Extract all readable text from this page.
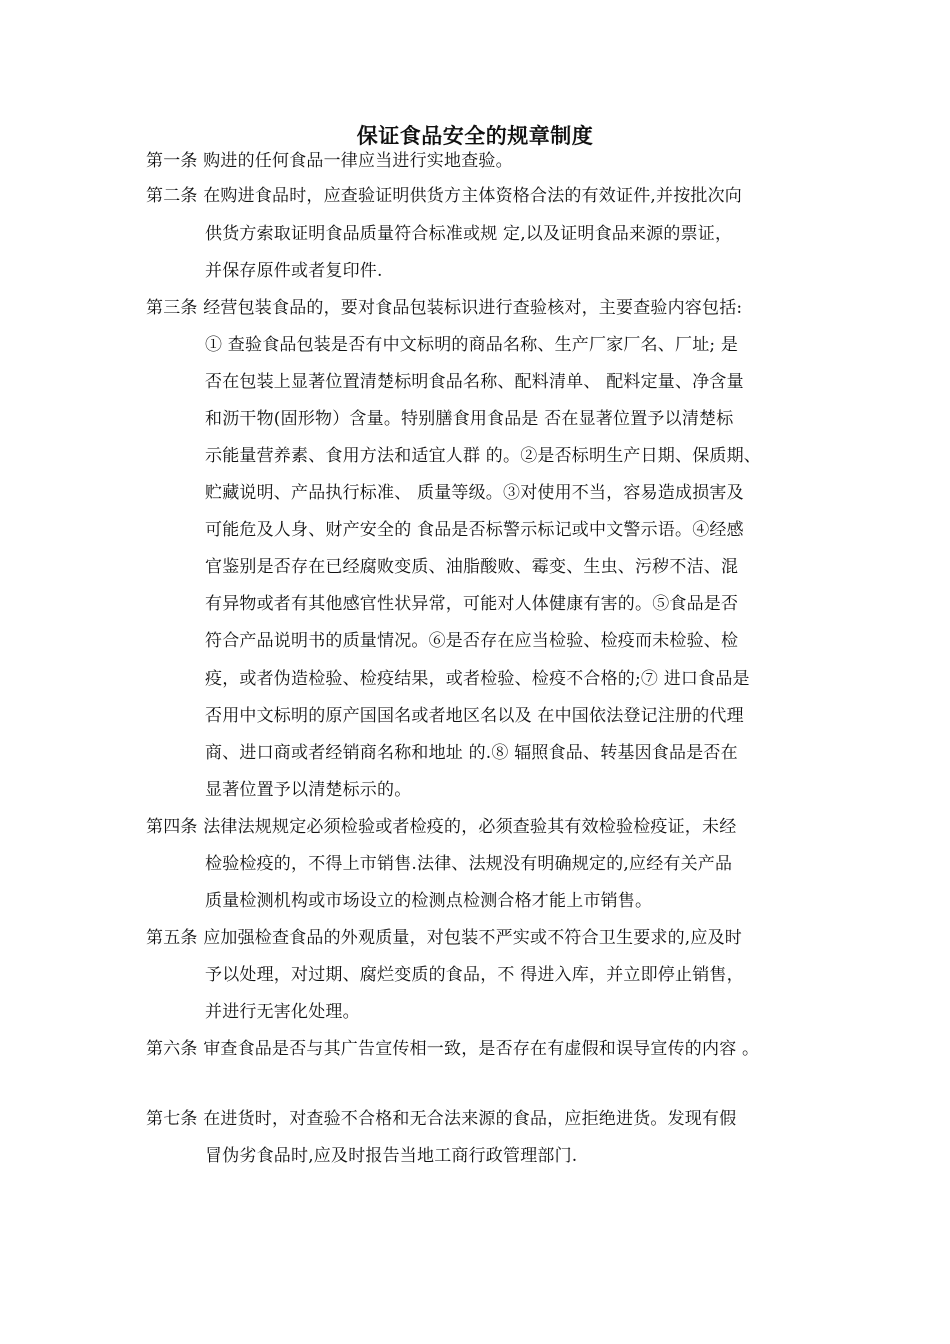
保证食品安全的规章制度
第一条 购进的任何食品一律应当进行实地查验。
第二条 在购进食品时，应查验证明供货方主体资格合法的有效证件,并按批次向
供货方索取证明食品质量符合标准或规 定,以及证明食品来源的票证，
并保存原件或者复印件.
第三条 经营包装食品的，要对食品包装标识进行查验核对，主要查验内容包括:
① 查验食品包装是否有中文标明的商品名称、生产厂家厂名、厂址; 是
否在包装上显著位置清楚标明食品名称、配料清单、 配料定量、净含量
和沥干物(固形物）含量。特别膳食用食品是 否在显著位置予以清楚标
示能量营养素、食用方法和适宜人群 的。②是否标明生产日期、保质期、
贮藏说明、产品执行标准、 质量等级。③对使用不当，容易造成损害及
可能危及人身、财产安全的 食品是否标警示标记或中文警示语。④经感
官鉴别是否存在已经腐败变质、油脂酸败、霉变、生虫、污秽不洁、混
有异物或者有其他感官性状异常，可能对人体健康有害的。⑤食品是否
符合产品说明书的质量情况。⑥是否存在应当检验、检疫而未检验、检
疫，或者伪造检验、检疫结果，或者检验、检疫不合格的;⑦ 进口食品是
否用中文标明的原产国国名或者地区名以及 在中国依法登记注册的代理
商、进口商或者经销商名称和地址 的.⑧ 辐照食品、转基因食品是否在
显著位置予以清楚标示的。
第四条 法律法规规定必须检验或者检疫的，必须查验其有效检验检疫证，未经
检验检疫的，不得上市销售.法律、法规没有明确规定的,应经有关产品
质量检测机构或市场设立的检测点检测合格才能上市销售。
第五条 应加强检查食品的外观质量，对包装不严实或不符合卫生要求的,应及时
予以处理，对过期、腐烂变质的食品，不 得进入库，并立即停止销售，
并进行无害化处理。
第六条 审查食品是否与其广告宣传相一致，是否存在有虚假和误导宣传的内容 。
第七条 在进货时，对查验不合格和无合法来源的食品，应拒绝进货。发现有假
冒伪劣食品时,应及时报告当地工商行政管理部门.
